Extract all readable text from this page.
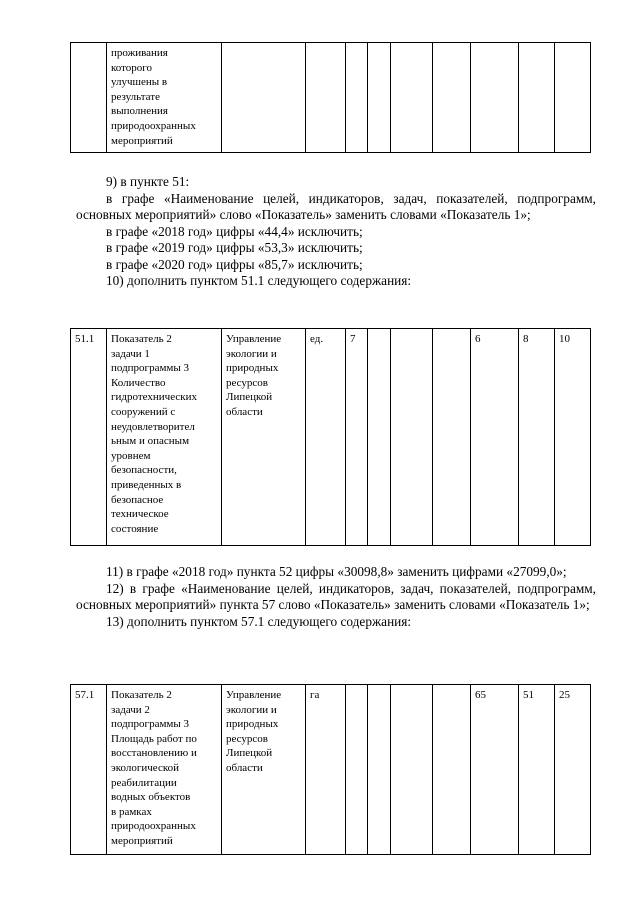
	проживания
которого
улучшены в
результате
выполнения
природоохранных
мероприятий									

9) в пункте 51:

в графе «Наименование целей, индикаторов, задач, показателей, подпрограмм, основных мероприятий» слово «Показатель» заменить словами «Показатель 1»;

в графе «2018 год» цифры «44,4» исключить;

в графе «2019 год» цифры «53,3» исключить;

в графе «2020 год» цифры «85,7» исключить;

10) дополнить пунктом 51.1 следующего содержания:

51.1	Показатель 2
задачи 1
подпрограммы 3
Количество
гидротехнических
сооружений с
неудовлетворител
ьным и опасным
уровнем
безопасности,
приведенных в
безопасное
техническое
состояние	Управление
экологии и
природных
ресурсов
Липецкой
области	ед.	7				6	8	10

11) в графе «2018 год» пункта 52 цифры «30098,8» заменить цифрами «27099,0»;

12) в графе «Наименование целей, индикаторов, задач, показателей, подпрограмм, основных мероприятий» пункта 57 слово «Показатель» заменить словами «Показатель 1»;

13) дополнить пунктом 57.1 следующего содержания:

57.1	Показатель 2
задачи 2
подпрограммы 3
Площадь работ по
восстановлению и
экологической
реабилитации
водных объектов
в рамках
природоохранных
мероприятий	Управление
экологии и
природных
ресурсов
Липецкой
области	га					65	51	25
